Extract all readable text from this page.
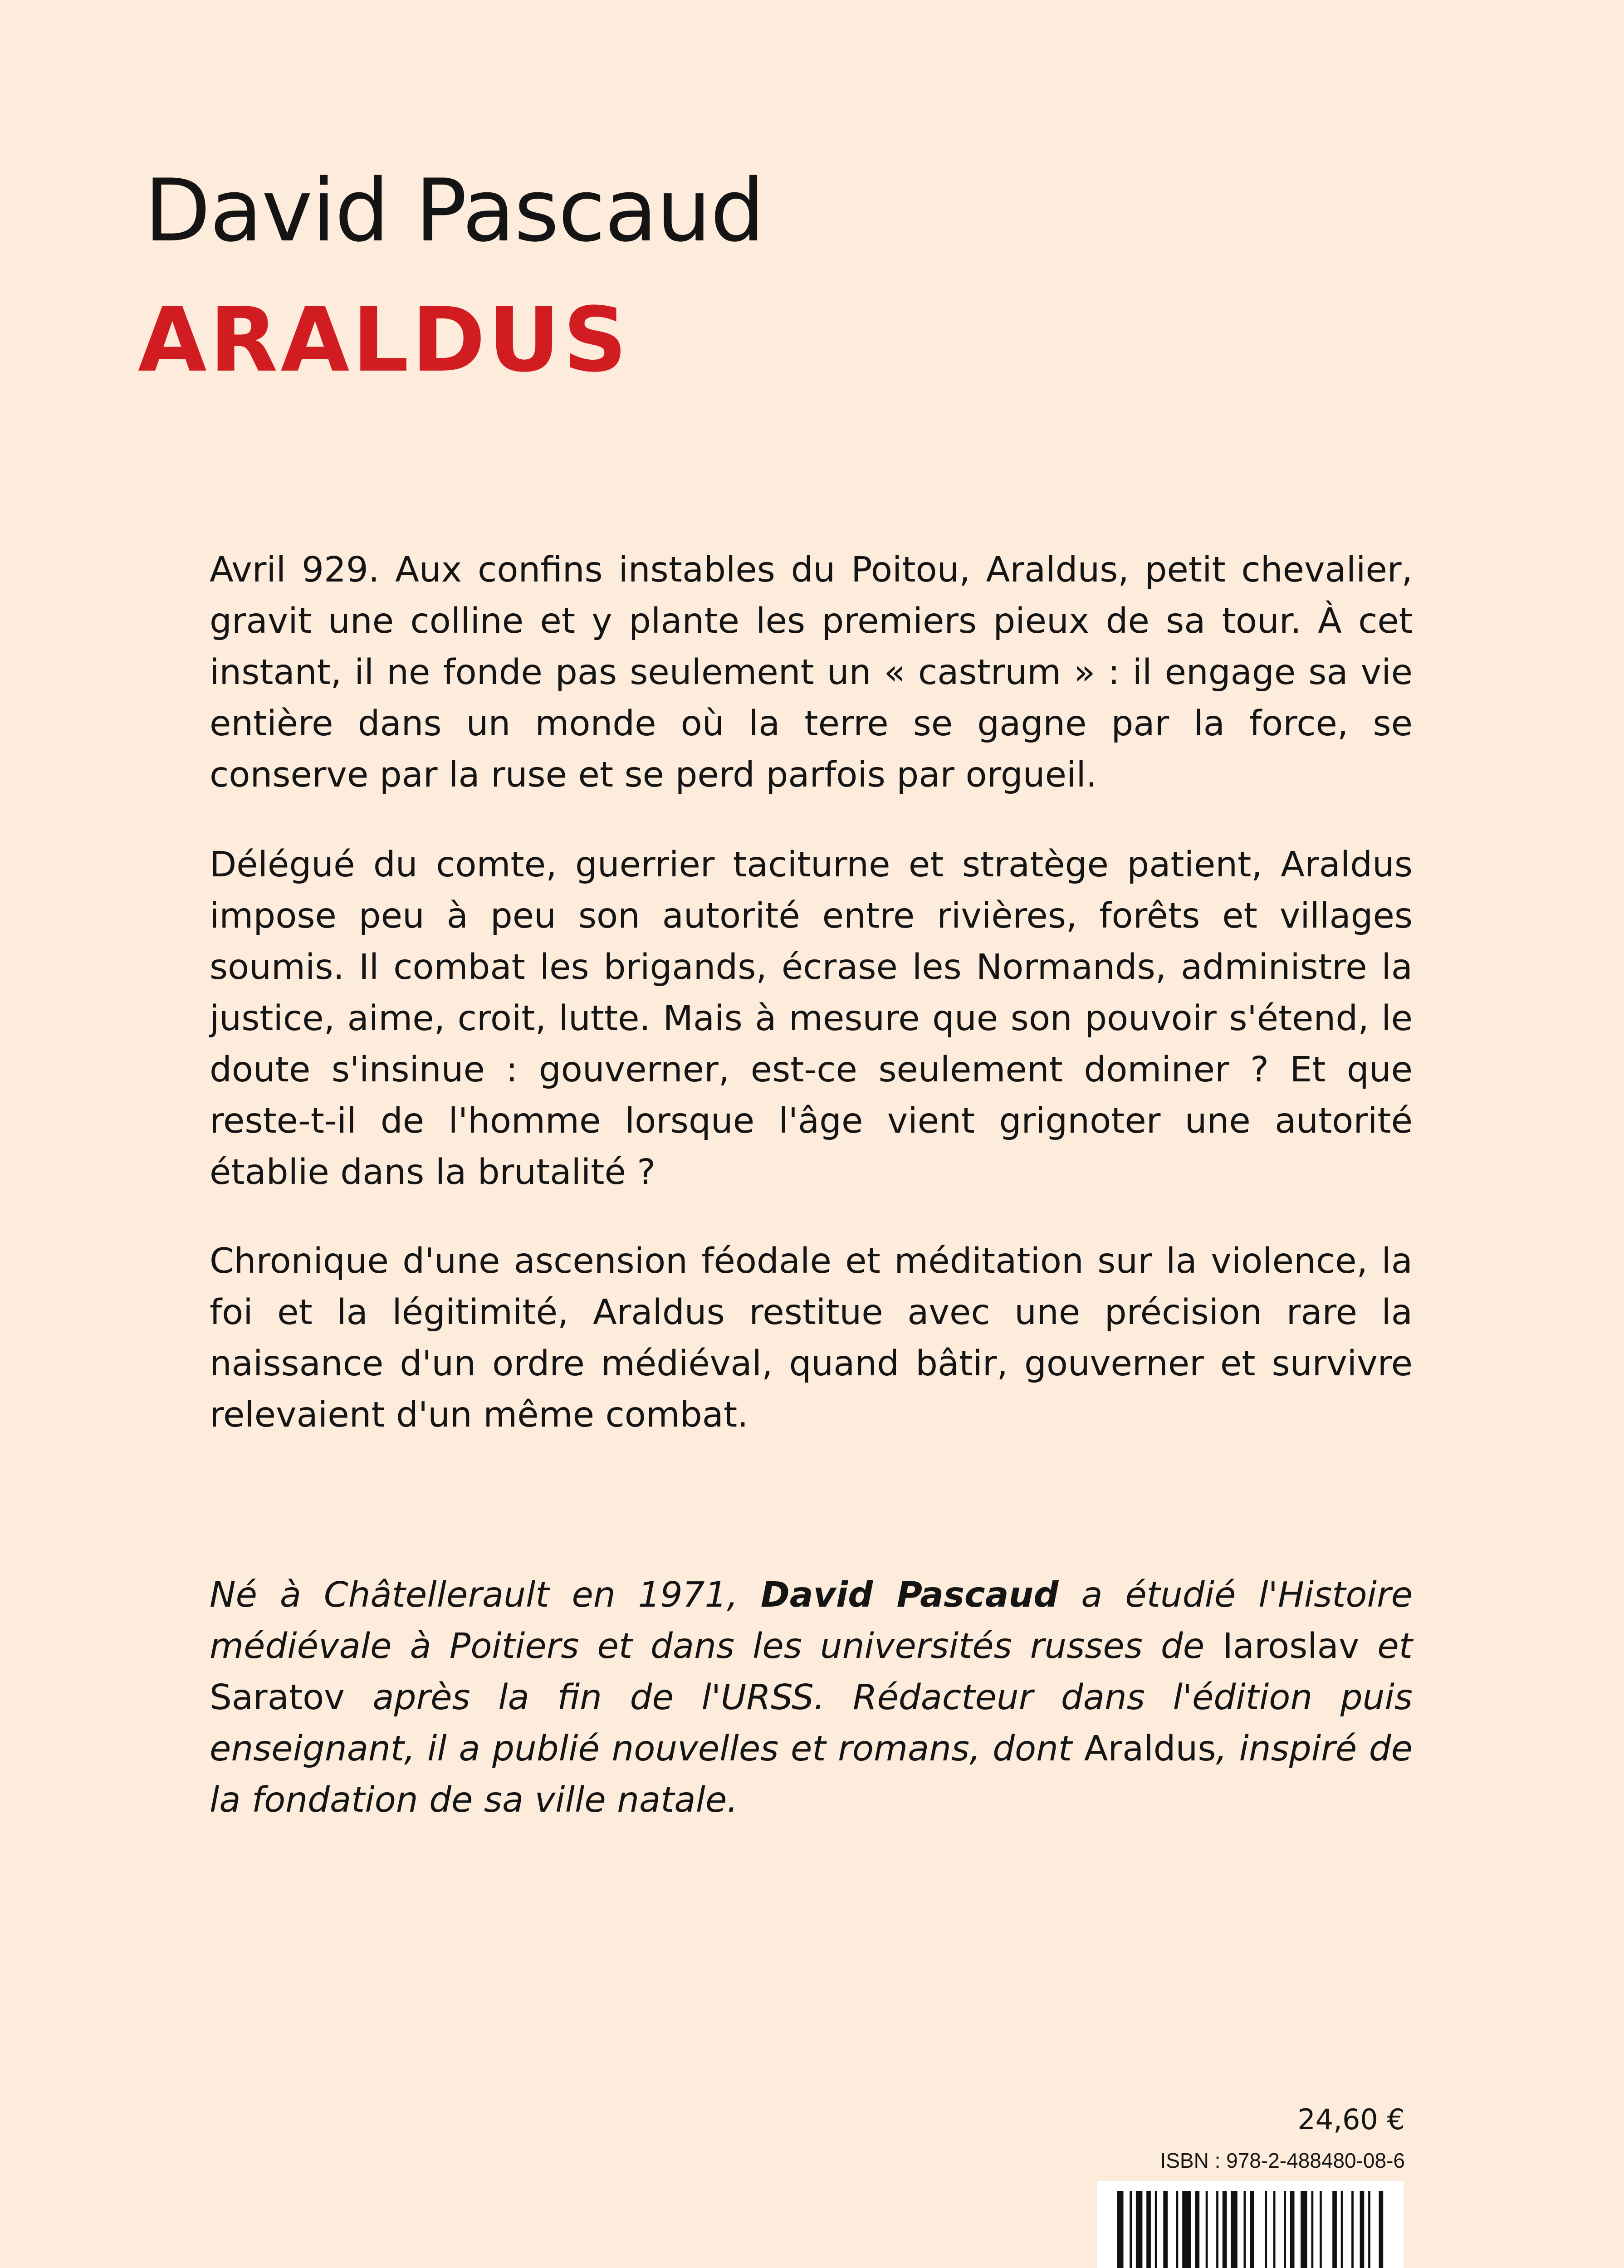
David Pascaud
ARALDUS

Avril 929. Aux confins instables du Poitou, Araldus, petit chevalier, gravit une colline et y plante les premiers pieux de sa tour. À cet instant, il ne fonde pas seulement un « castrum » : il engage sa vie entière dans un monde où la terre se gagne par la force, se conserve par la ruse et se perd parfois par orgueil.

Délégué du comte, guerrier taciturne et stratège patient, Araldus impose peu à peu son autorité entre rivières, forêts et villages soumis. Il combat les brigands, écrase les Normands, administre la justice, aime, croit, lutte. Mais à mesure que son pouvoir s'étend, le doute s'insinue : gouverner, est-ce seulement dominer ? Et que reste-t-il de l'homme lorsque l'âge vient grignoter une autorité établie dans la brutalité ?

Chronique d'une ascension féodale et méditation sur la violence, la foi et la légitimité, Araldus restitue avec une précision rare la naissance d'un ordre médiéval, quand bâtir, gouverner et survivre relevaient d'un même combat.

Né à Châtellerault en 1971, David Pascaud a étudié l'Histoire médiévale à Poitiers et dans les universités russes de Iaroslav et Saratov après la fin de l'URSS. Rédacteur dans l'édition puis enseignant, il a publié nouvelles et romans, dont Araldus, inspiré de la fondation de sa ville natale.

24,60 €
ISBN : 978-2-488480-08-6
